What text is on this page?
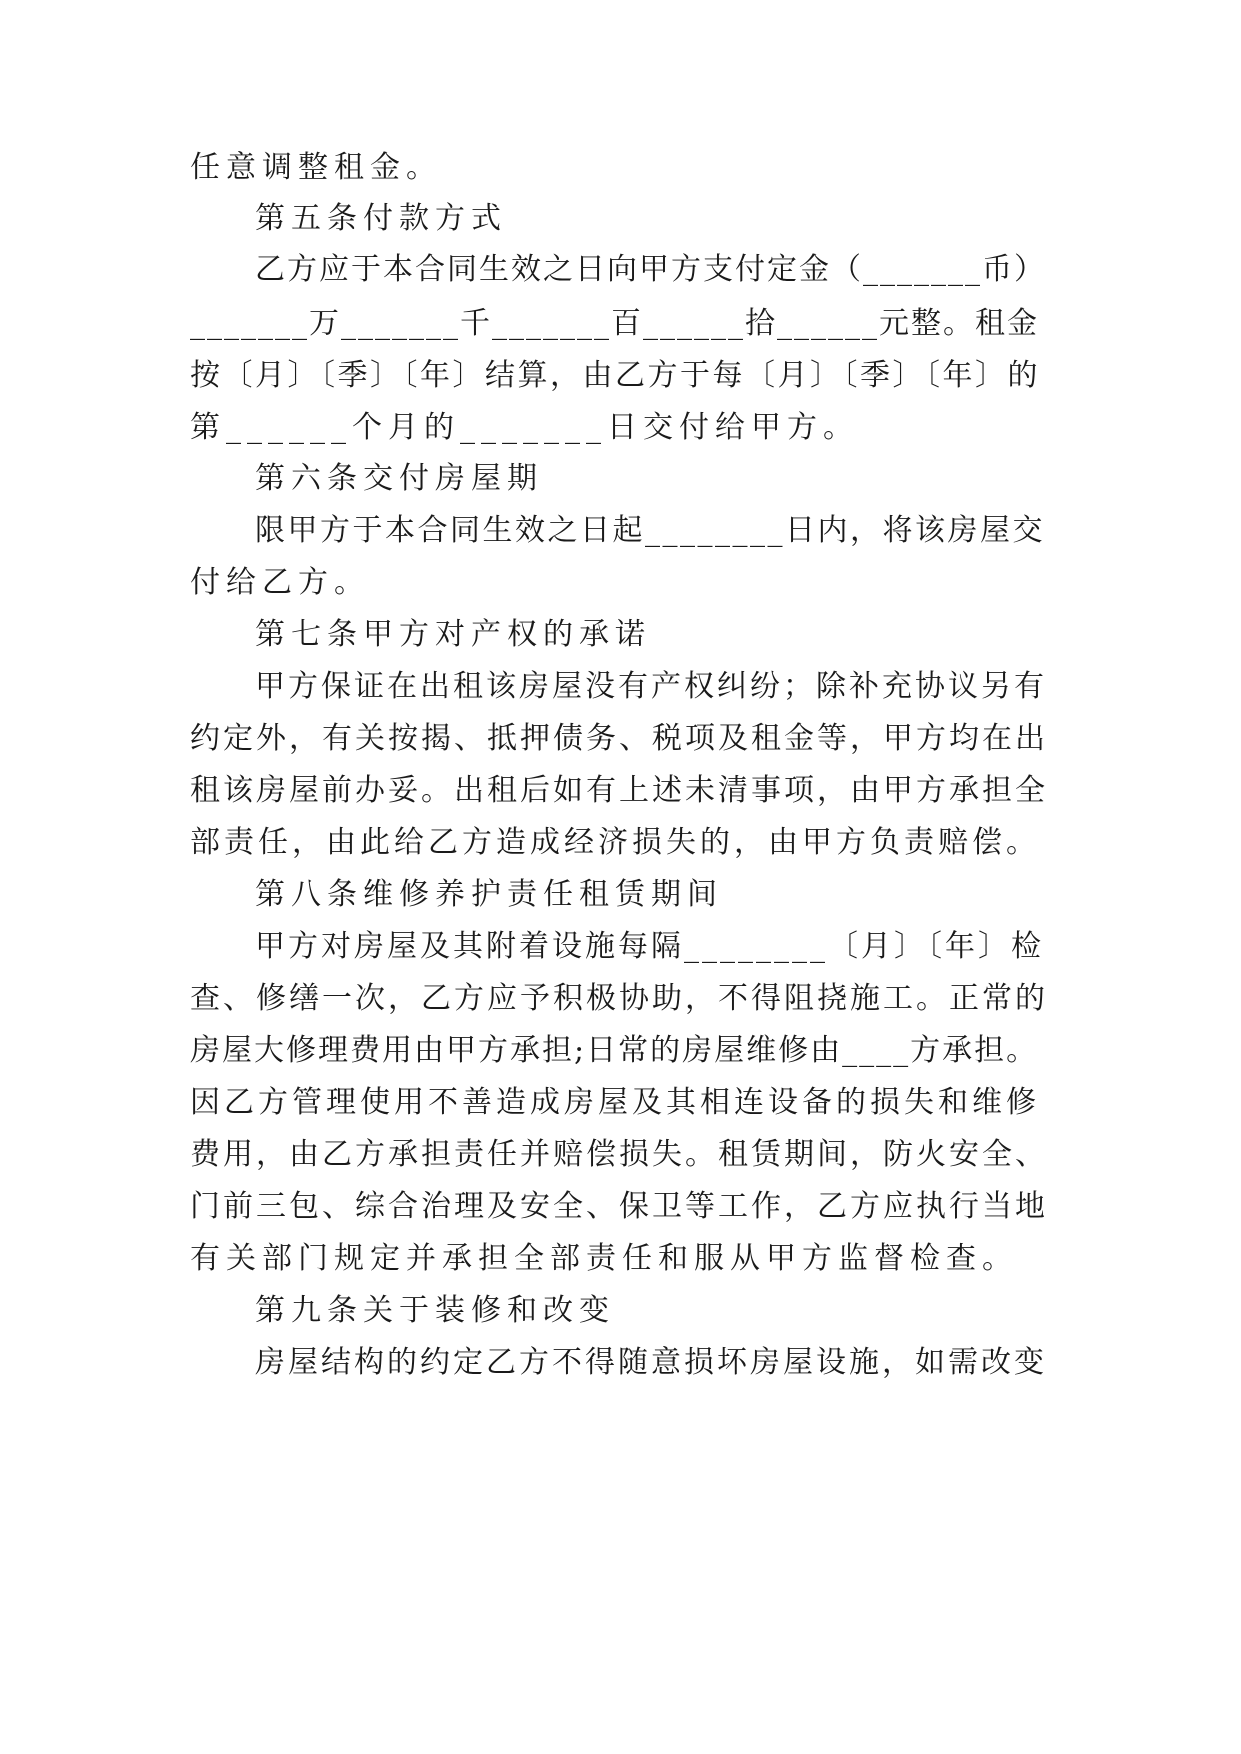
任意调整租金。
第五条付款方式
乙方应于本合同生效之日向甲方支付定金（_______币）
_______万_______千_______百______拾______元整。租金
按〔月〕〔季〕〔年〕结算，由乙方于每〔月〕〔季〕〔年〕的
第______个月的_______日交付给甲方。
第六条交付房屋期
限甲方于本合同生效之日起________日内，将该房屋交
付给乙方。
第七条甲方对产权的承诺
甲方保证在出租该房屋没有产权纠纷；除补充协议另有
约定外，有关按揭、抵押债务、税项及租金等，甲方均在出
租该房屋前办妥。出租后如有上述未清事项，由甲方承担全
部责任，由此给乙方造成经济损失的，由甲方负责赔偿。
第八条维修养护责任租赁期间
甲方对房屋及其附着设施每隔________〔月〕〔年〕检
查、修缮一次，乙方应予积极协助，不得阻挠施工。正常的
房屋大修理费用由甲方承担;日常的房屋维修由____方承担。
因乙方管理使用不善造成房屋及其相连设备的损失和维修
费用，由乙方承担责任并赔偿损失。租赁期间，防火安全、
门前三包、综合治理及安全、保卫等工作，乙方应执行当地
有关部门规定并承担全部责任和服从甲方监督检查。
第九条关于装修和改变
房屋结构的约定乙方不得随意损坏房屋设施，如需改变
